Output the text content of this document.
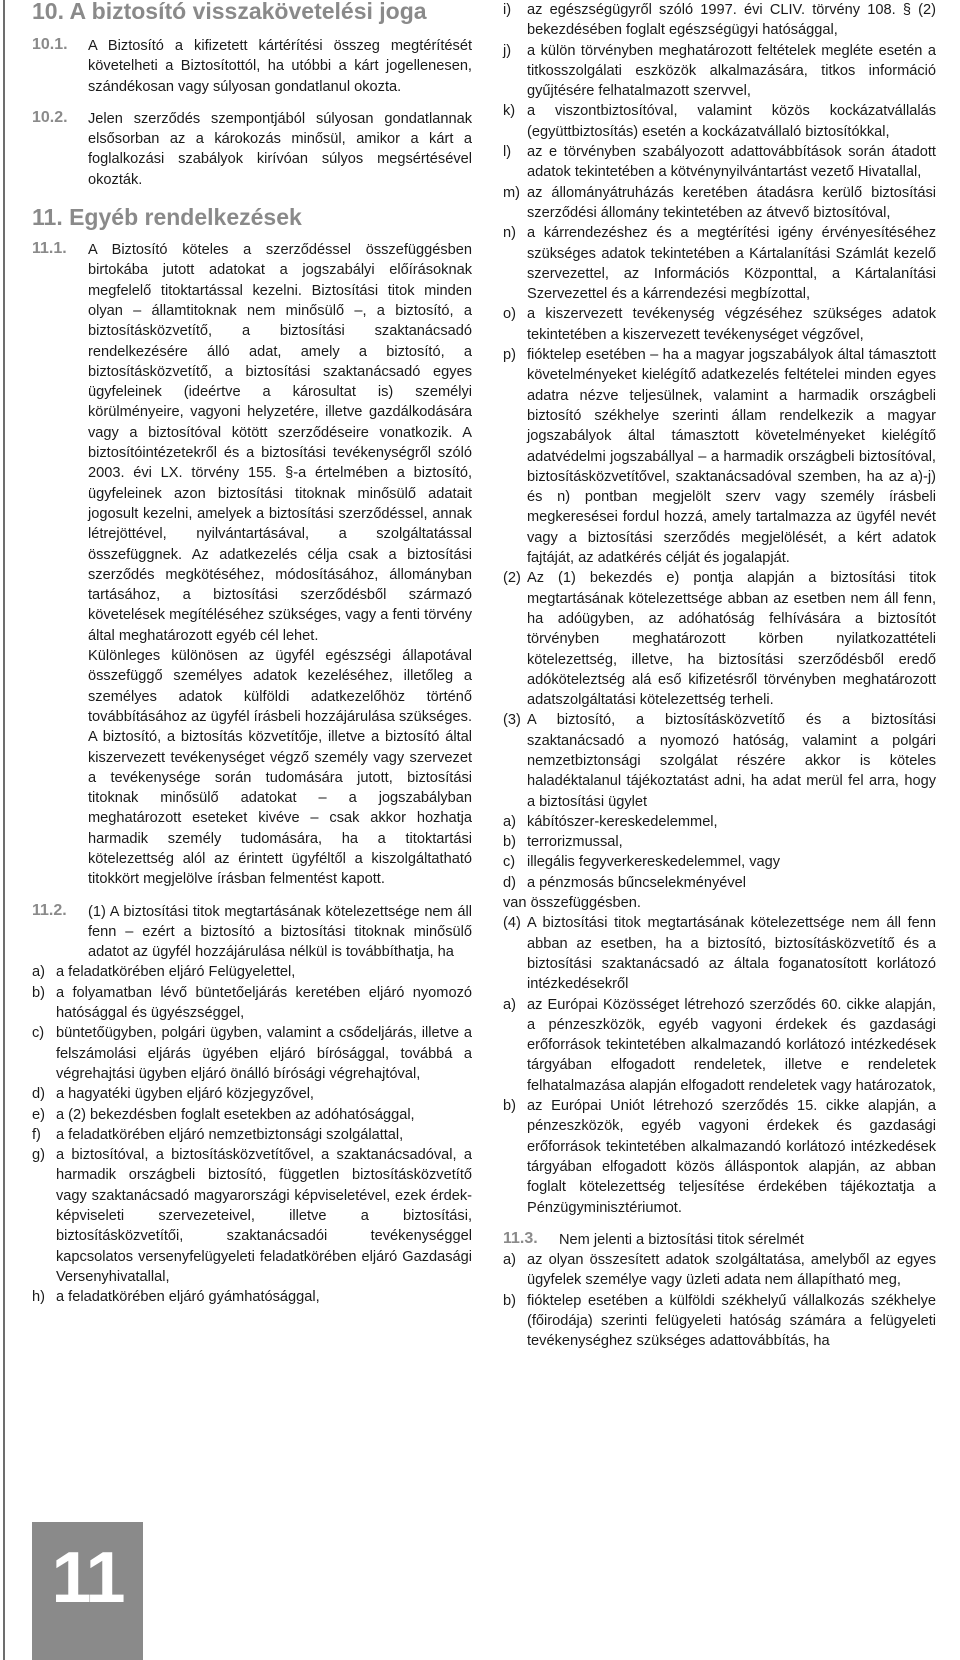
10. A biztosító visszakövetelési joga
10.1. A Biztosító a kifizetett kártérítési összeg megtérítését követelheti a Biztosítottól, ha utóbbi a kárt jogellenesen, szándékosan vagy súlyosan gondatlanul okozta.

10.2. Jelen szerződés szempontjából súlyosan gondatlannak elsősorban az a károkozás minősül, amikor a kárt a foglalkozási szabályok kirívóan súlyos megsértésével okozták.

11. Egyéb rendelkezések
11.1. A Biztosító köteles a szerződéssel összefüggésben birtokába jutott adatokat a jogszabályi előírásoknak megfelelő titoktartással kezelni. Biztosítási titok minden olyan – államtitoknak nem minősülő –, a biztosító, a biztosításközvetítő, a biztosítási szaktanácsadó rendelkezésére álló adat, amely a biztosító, a biztosításközvetítő, a biztosítási szaktanácsadó egyes ügyfeleinek (ideértve a károsultat is) személyi körülményeire, vagyoni helyzetére, illetve gazdálkodására vagy a biztosítóval kötött szerződéseire vonatkozik. A biztosítóintézetekről és a biztosítási tevékenységről szóló 2003. évi LX. törvény 155. §-a értelmében a biztosító, ügyfeleinek azon biztosítási titoknak minősülő adatait jogosult kezelni, amelyek a biztosítási szerződéssel, annak létrejöttével, nyilvántartásával, a szolgáltatással összefüggnek. Az adatkezelés célja csak a biztosítási szerződés megkötéséhez, módosításához, állományban tartásához, a biztosítási szerződésből származó követelések megítéléséhez szükséges, vagy a fenti törvény által meghatározott egyéb cél lehet.

Különleges különösen az ügyfél egészségi állapotával összefüggő személyes adatok kezeléséhez, illetőleg a személyes adatok külföldi adatkezelőhöz történő továbbításához az ügyfél írásbeli hozzájárulása szükséges. A biztosító, a biztosítás közvetítője, illetve a biztosító által kiszervezett tevékenységet végző személy vagy szervezet a tevékenysége során tudomására jutott, biztosítási titoknak minősülő adatokat – a jogszabályban meghatározott eseteket kivéve – csak akkor hozhatja harmadik személy tudomására, ha a titoktartási kötelezettség alól az érintett ügyféltől a kiszolgáltatható titokkört megjelölve írásban felmentést kapott.

11.2. (1) A biztosítási titok megtartásának kötelezettsége nem áll fenn – ezért a biztosító a biztosítási titoknak minősülő adatot az ügyfél hozzájárulása nélkül is továbbíthatja, ha

a) a feladatkörében eljáró Felügyelettel,
b) a folyamatban lévő büntetőeljárás keretében eljáró nyomozó hatósággal és ügyészséggel,
c) büntetőügyben, polgári ügyben, valamint a csődeljárás, illetve a felszámolási eljárás ügyében eljáró bírósággal, továbbá a végrehajtási ügyben eljáró önálló bírósági végrehajtóval,
d) a hagyatéki ügyben eljáró közjegyzővel,
e) a (2) bekezdésben foglalt esetekben az adóhatósággal,
f) a feladatkörében eljáró nemzetbiztonsági szolgálattal,
g) a biztosítóval, a biztosításközvetítővel, a szaktanácsadóval, a harmadik országbeli biztosító, független biztosításközvetítő vagy szaktanácsadó magyarországi képviseletével, ezek érdek-képviseleti szervezeteivel, illetve a biztosítási, biztosításközvetítői, szaktanácsadói tevékenységgel kapcsolatos versenyfelügyeleti feladatkörében eljáró Gazdasági Versenyhivatallal,
h) a feladatkörében eljáró gyámhatósággal,
i) az egészségügyről szóló 1997. évi CLIV. törvény 108. § (2) bekezdésében foglalt egészségügyi hatósággal,
j) a külön törvényben meghatározott feltételek megléte esetén a titkosszolgálati eszközök alkalmazására, titkos információ gyűjtésére felhatalmazott szervvel,
k) a viszontbiztosítóval, valamint közös kockázatvállalás (együttbiztosítás) esetén a kockázatvállaló biztosítókkal,
l) az e törvényben szabályozott adattovábbítások során átadott adatok tekintetében a kötvénynyilvántartást vezető Hivatallal,
m) az állományátruházás keretében átadásra kerülő biztosítási szerződési állomány tekintetében az átvevő biztosítóval,
n) a kárrendezéshez és a megtérítési igény érvényesítéséhez szükséges adatok tekintetében a Kártalanítási Számlát kezelő szervezettel, az Információs Központtal, a Kártalanítási Szervezettel és a kárrendezési megbízottal,
o) a kiszervezett tevékenység végzéséhez szükséges adatok tekintetében a kiszervezett tevékenységet végzővel,
p) fióktelep esetében – ha a magyar jogszabályok által támasztott követelményeket kielégítő adatkezelés feltételei minden egyes adatra nézve teljesülnek, valamint a harmadik országbeli biztosító székhelye szerinti állam rendelkezik a magyar jogszabályok által támasztott követelményeket kielégítő adatvédelmi jogszabállyal – a harmadik országbeli biztosítóval, biztosításközvetítővel, szaktanácsadóval szemben, ha az a)-j) és n) pontban megjelölt szerv vagy személy írásbeli megkeresései fordul hozzá, amely tartalmazza az ügyfél nevét vagy a biztosítási szerződés megjelölését, a kért adatok fajtáját, az adatkérés célját és jogalapját.
(2) Az (1) bekezdés e) pontja alapján a biztosítási titok megtartásának kötelezettsége abban az esetben nem áll fenn, ha adóügyben, az adóhatóság felhívására a biztosítót törvényben meghatározott körben nyilatkozattételi kötelezettség, illetve, ha biztosítási szerződésből eredő adóköteleztség alá eső kifizetésről törvényben meghatározott adatszolgáltatási kötelezettség terheli.
(3) A biztosító, a biztosításközvetítő és a biztosítási szaktanácsadó a nyomozó hatóság, valamint a polgári nemzetbiztonsági szolgálat részére akkor is köteles haladéktalanul tájékoztatást adni, ha adat merül fel arra, hogy a biztosítási ügylet
a) kábítószer-kereskedelemmel,
b) terrorizmussal,
c) illegális fegyverkereskedelemmel, vagy
d) a pénzmosás bűncselekményével

van összefüggésben.

(4) A biztosítási titok megtartásának kötelezettsége nem áll fenn abban az esetben, ha a biztosító, biztosításközvetítő és a biztosítási szaktanácsadó az általa foganatosított korlátozó intézkedésekről
a) az Európai Közösséget létrehozó szerződés 60. cikke alapján, a pénzeszközök, egyéb vagyoni érdekek és gazdasági erőforrások tekintetében alkalmazandó korlátozó intézkedések tárgyában elfogadott rendeletek, illetve e rendeletek felhatalmazása alapján elfogadott rendeletek vagy határozatok,
b) az Európai Uniót létrehozó szerződés 15. cikke alapján, a pénzeszközök, egyéb vagyoni érdekek és gazdasági erőforrások tekintetében alkalmazandó korlátozó intézkedések tárgyában elfogadott közös álláspontok alapján, az abban foglalt kötelezettség teljesítése érdekében tájékoztatja a Pénzügyminisztériumot.
11.3. Nem jelenti a biztosítási titok sérelmét
a) az olyan összesített adatok szolgáltatása, amelyből az egyes ügyfelek személye vagy üzleti adata nem állapítható meg,
b) fióktelep esetében a külföldi székhelyű vállalkozás székhelye (főirodája) szerinti felügyeleti hatóság számára a felügyeleti tevékenységhez szükséges adattovábbítás, ha
11
